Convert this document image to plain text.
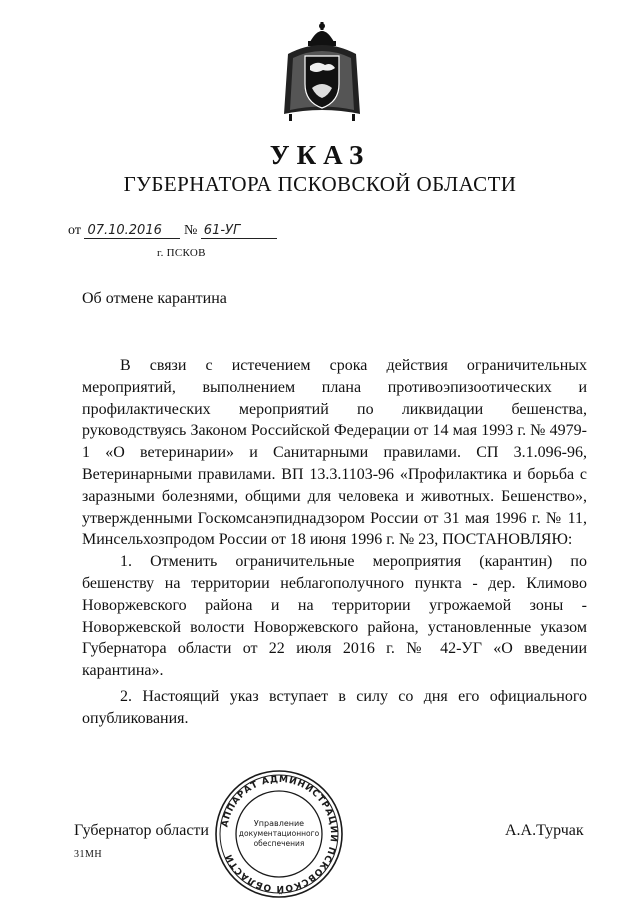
УКАЗ
ГУБЕРНАТОРА ПСКОВСКОЙ ОБЛАСТИ
от 07.10.2016 № 61-УГ
г. ПСКОВ
Об отмене карантина

В связи с истечением срока действия ограничительных мероприятий, выполнением плана противоэпизоотических и профилактических мероприятий по ликвидации бешенства, руководствуясь Законом Российской Федерации от 14 мая 1993 г. № 4979-1 «О ветеринарии» и Санитарными правилами. СП 3.1.096-96, Ветеринарными правилами. ВП 13.3.1103-96 «Профилактика и борьба с заразными болезнями, общими для человека и животных. Бешенство», утвержденными Госкомсанэпиднадзором России от 31 мая 1996 г. № 11, Минсельхозпродом России от 18 июня 1996 г. № 23, ПОСТАНОВЛЯЮ:

1. Отменить ограничительные мероприятия (карантин) по бешенству на территории неблагополучного пункта - дер. Климово Новоржевского района и на территории угрожаемой зоны - Новоржевской волости Новоржевского района, установленные указом Губернатора области от 22 июля 2016 г. № 42-УГ «О введении карантина».

2. Настоящий указ вступает в силу со дня его официального опубликования.

Губернатор области	А.А.Турчак
31МН
АППАРАТ АДМИНИСТРАЦИИ ПСКОВСКОЙ ОБЛАСТИ
Управление
документационного
обеспечения
